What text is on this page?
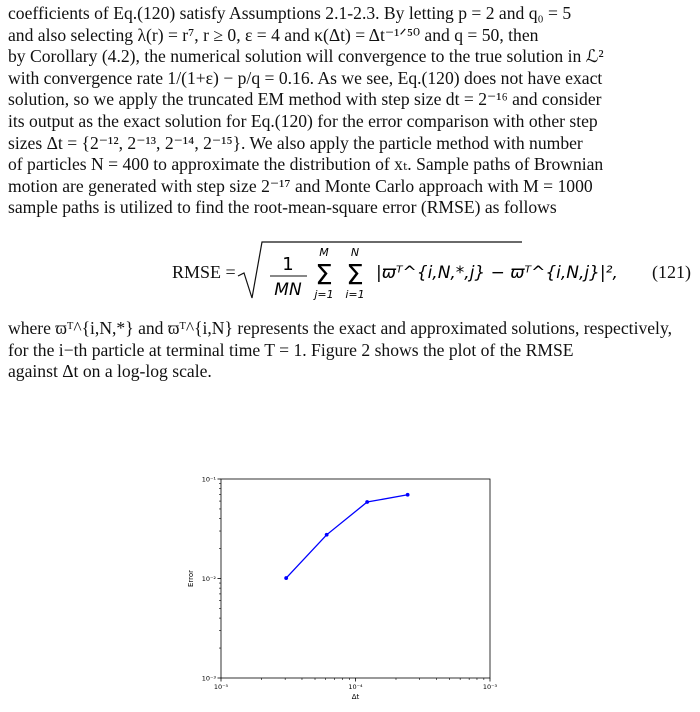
coefficients of Eq.(120) satisfy Assumptions 2.1-2.3. By letting p = 2 and q₀ = 5
and also selecting λ(r) = r⁷, r ≥ 0, ε = 4 and κ(Δt) = Δt⁻¹ᐟ⁵⁰ and q = 50, then
by Corollary (4.2), the numerical solution will convergence to the true solution in ℒ²
with convergence rate 1/(1+ε) − p/q = 0.16. As we see, Eq.(120) does not have exact
solution, so we apply the truncated EM method with step size dt = 2⁻¹⁶ and consider
its output as the exact solution for Eq.(120) for the error comparison with other step
sizes Δt = {2⁻¹², 2⁻¹³, 2⁻¹⁴, 2⁻¹⁵}. We also apply the particle method with number
of particles N = 400 to approximate the distribution of xₜ. Sample paths of Brownian
motion are generated with step size 2⁻¹⁷ and Monte Carlo approach with M = 1000
sample paths is utilized to find the root-mean-square error (RMSE) as follows
RMSE =	1
MN
M
Σ
j=1
N
Σ
i=1
|ϖᵀ^{i,N,*,j} − ϖᵀ^{i,N,j}|², (121)
where ϖᵀ^{i,N,*} and ϖᵀ^{i,N} represents the exact and approximated solutions, respectively,
for the i−th particle at terminal time T = 1. Figure 2 shows the plot of the RMSE
against Δt on a log-log scale.
10⁻⁵	10⁻⁴	10⁻³
10⁻³
10⁻²
10⁻¹
Error
Δt
